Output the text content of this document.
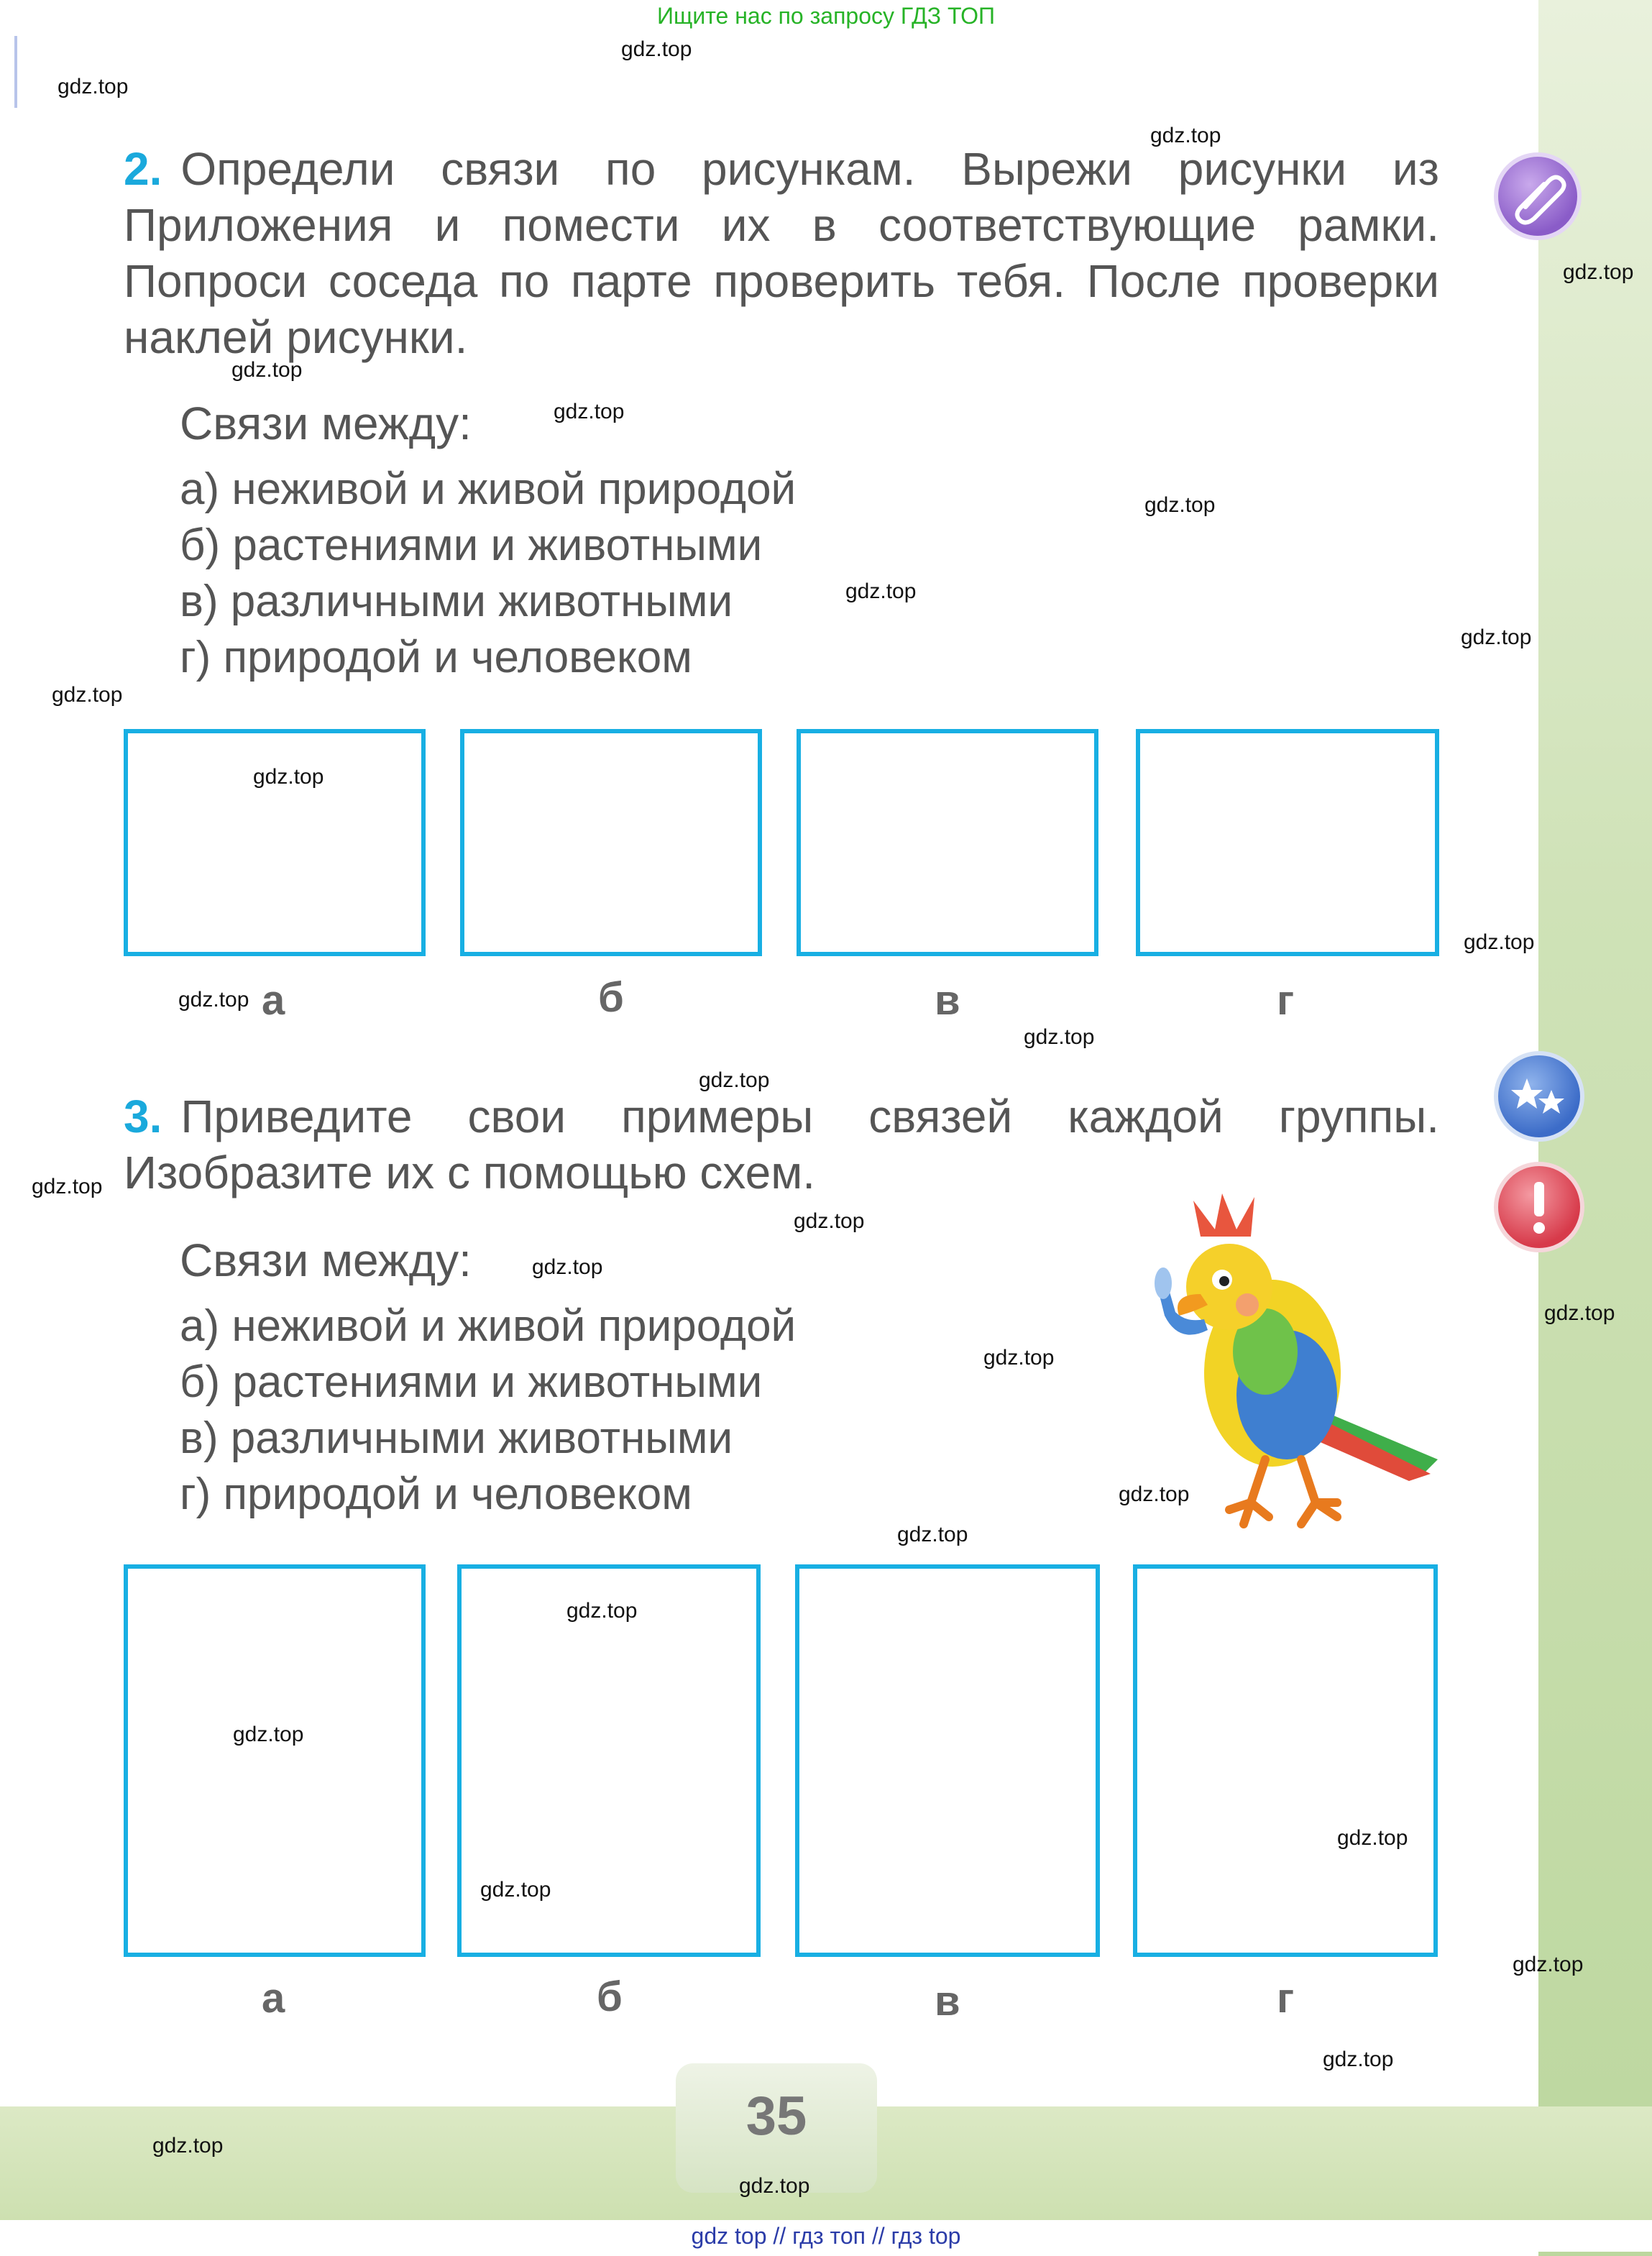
Ищите нас по запросу ГДЗ ТОП
2. Определи связи по рисункам. Вырежи рисунки из Приложения и помести их в соответствующие рамки. Попроси соседа по парте проверить тебя. После проверки наклей рисунки.
Связи между:
а) неживой и живой природой
б) растениями и животными
в) различными животными
г) природой и человеком
а	б	в	г
3. Приведите свои примеры связей каждой группы. Изобразите их с помощью схем.
Связи между:
а) неживой и живой природой
б) растениями и животными
в) различными животными
г) природой и человеком
а	б	в	г
35
gdz.top
gdz.top
gdz.top
gdz.top
gdz.top
gdz.top
gdz.top
gdz.top
gdz.top
gdz.top
gdz.top
gdz.top
gdz.top
gdz.top
gdz.top
gdz.top
gdz.top
gdz.top
gdz.top
gdz.top
gdz.top
gdz.top
gdz.top
gdz.top
gdz.top
gdz.top
gdz.top
gdz.top
gdz.top
gdz.top
gdz top // гдз топ // гдз top
